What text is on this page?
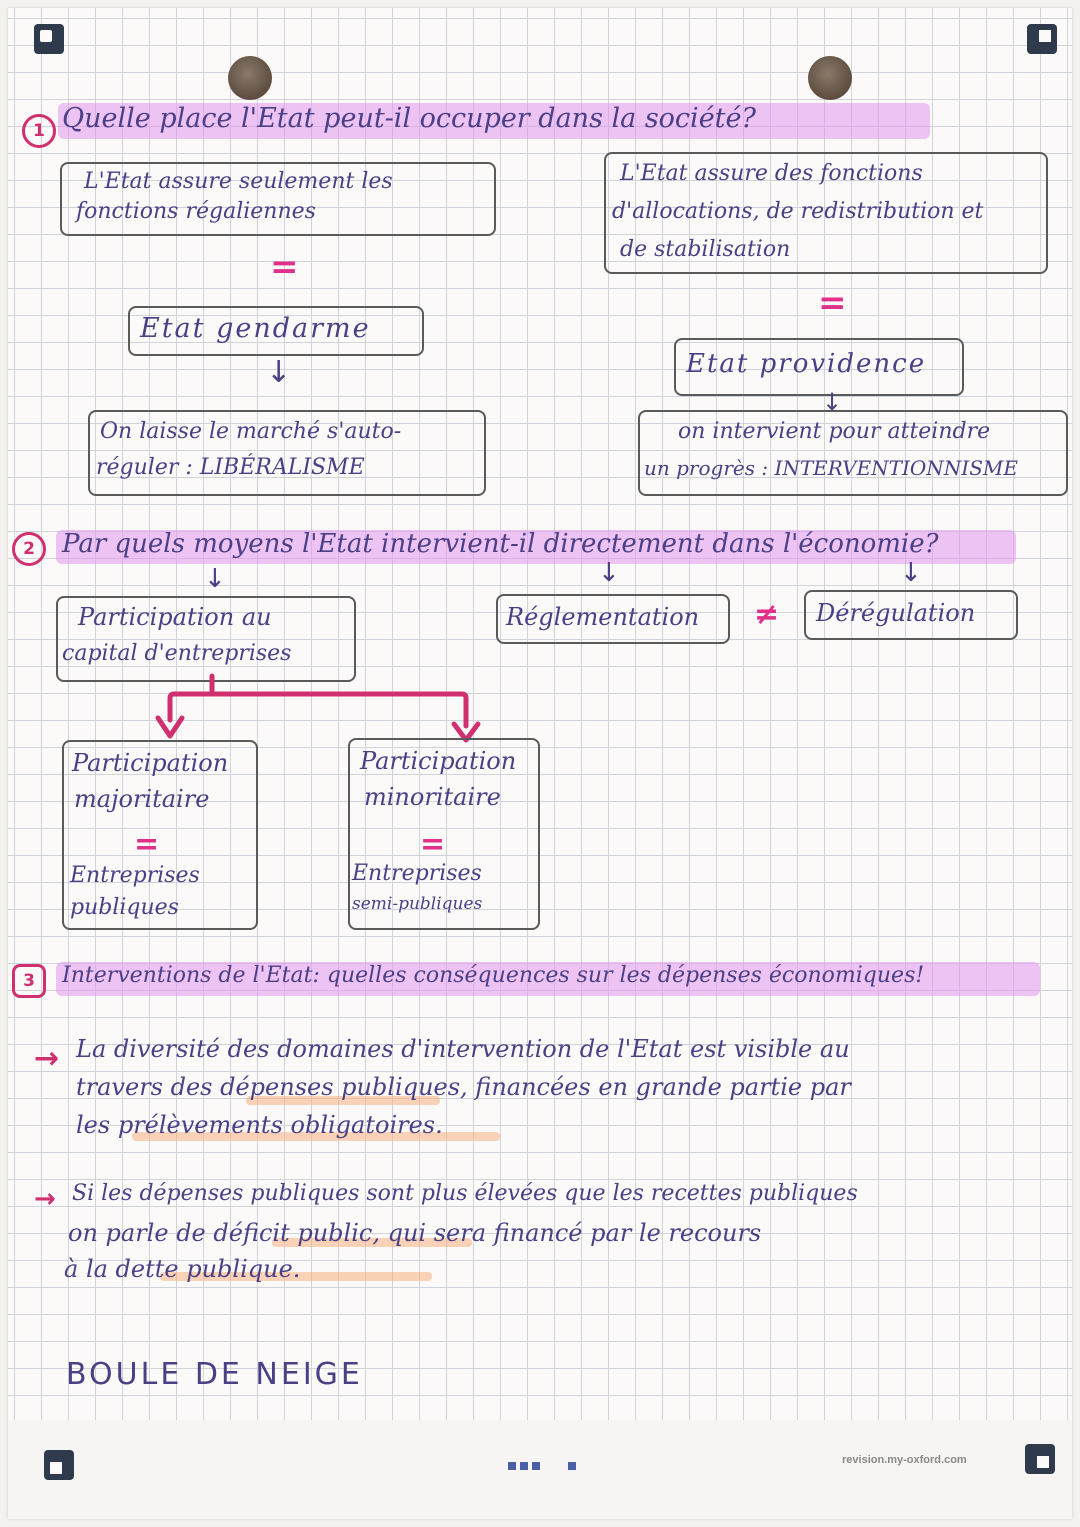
1 Quelle place l'Etat peut-il occuper dans la société?
L'Etat assure seulement les
fonctions régaliennes
=
Etat gendarme
↓
On laisse le marché s'auto-
réguler : LIBÉRALISME
L'Etat assure des fonctions
d'allocations, de redistribution et
de stabilisation
=
Etat providence
↓
on intervient pour atteindre
un progrès : INTERVENTIONNISME
2	Par quels moyens l'Etat intervient-il directement dans l'économie?
↓	↓	↓
Participation au
capital d'entreprises
Réglementation ≠ Dérégulation
Participation
majoritaire
=
Entreprises
publiques
Participation
minoritaire
=
Entreprises
semi-publiques
3	Interventions de l'Etat: quelles conséquences sur les dépenses économiques!
→ La diversité des domaines d'intervention de l'Etat est visible au
travers des dépenses publiques, financées en grande partie par
les prélèvements obligatoires.
→ Si les dépenses publiques sont plus élevées que les recettes publiques
on parle de déficit public, qui sera financé par le recours
à la dette publique.
BOULE DE NEIGE
revision.my-oxford.com
